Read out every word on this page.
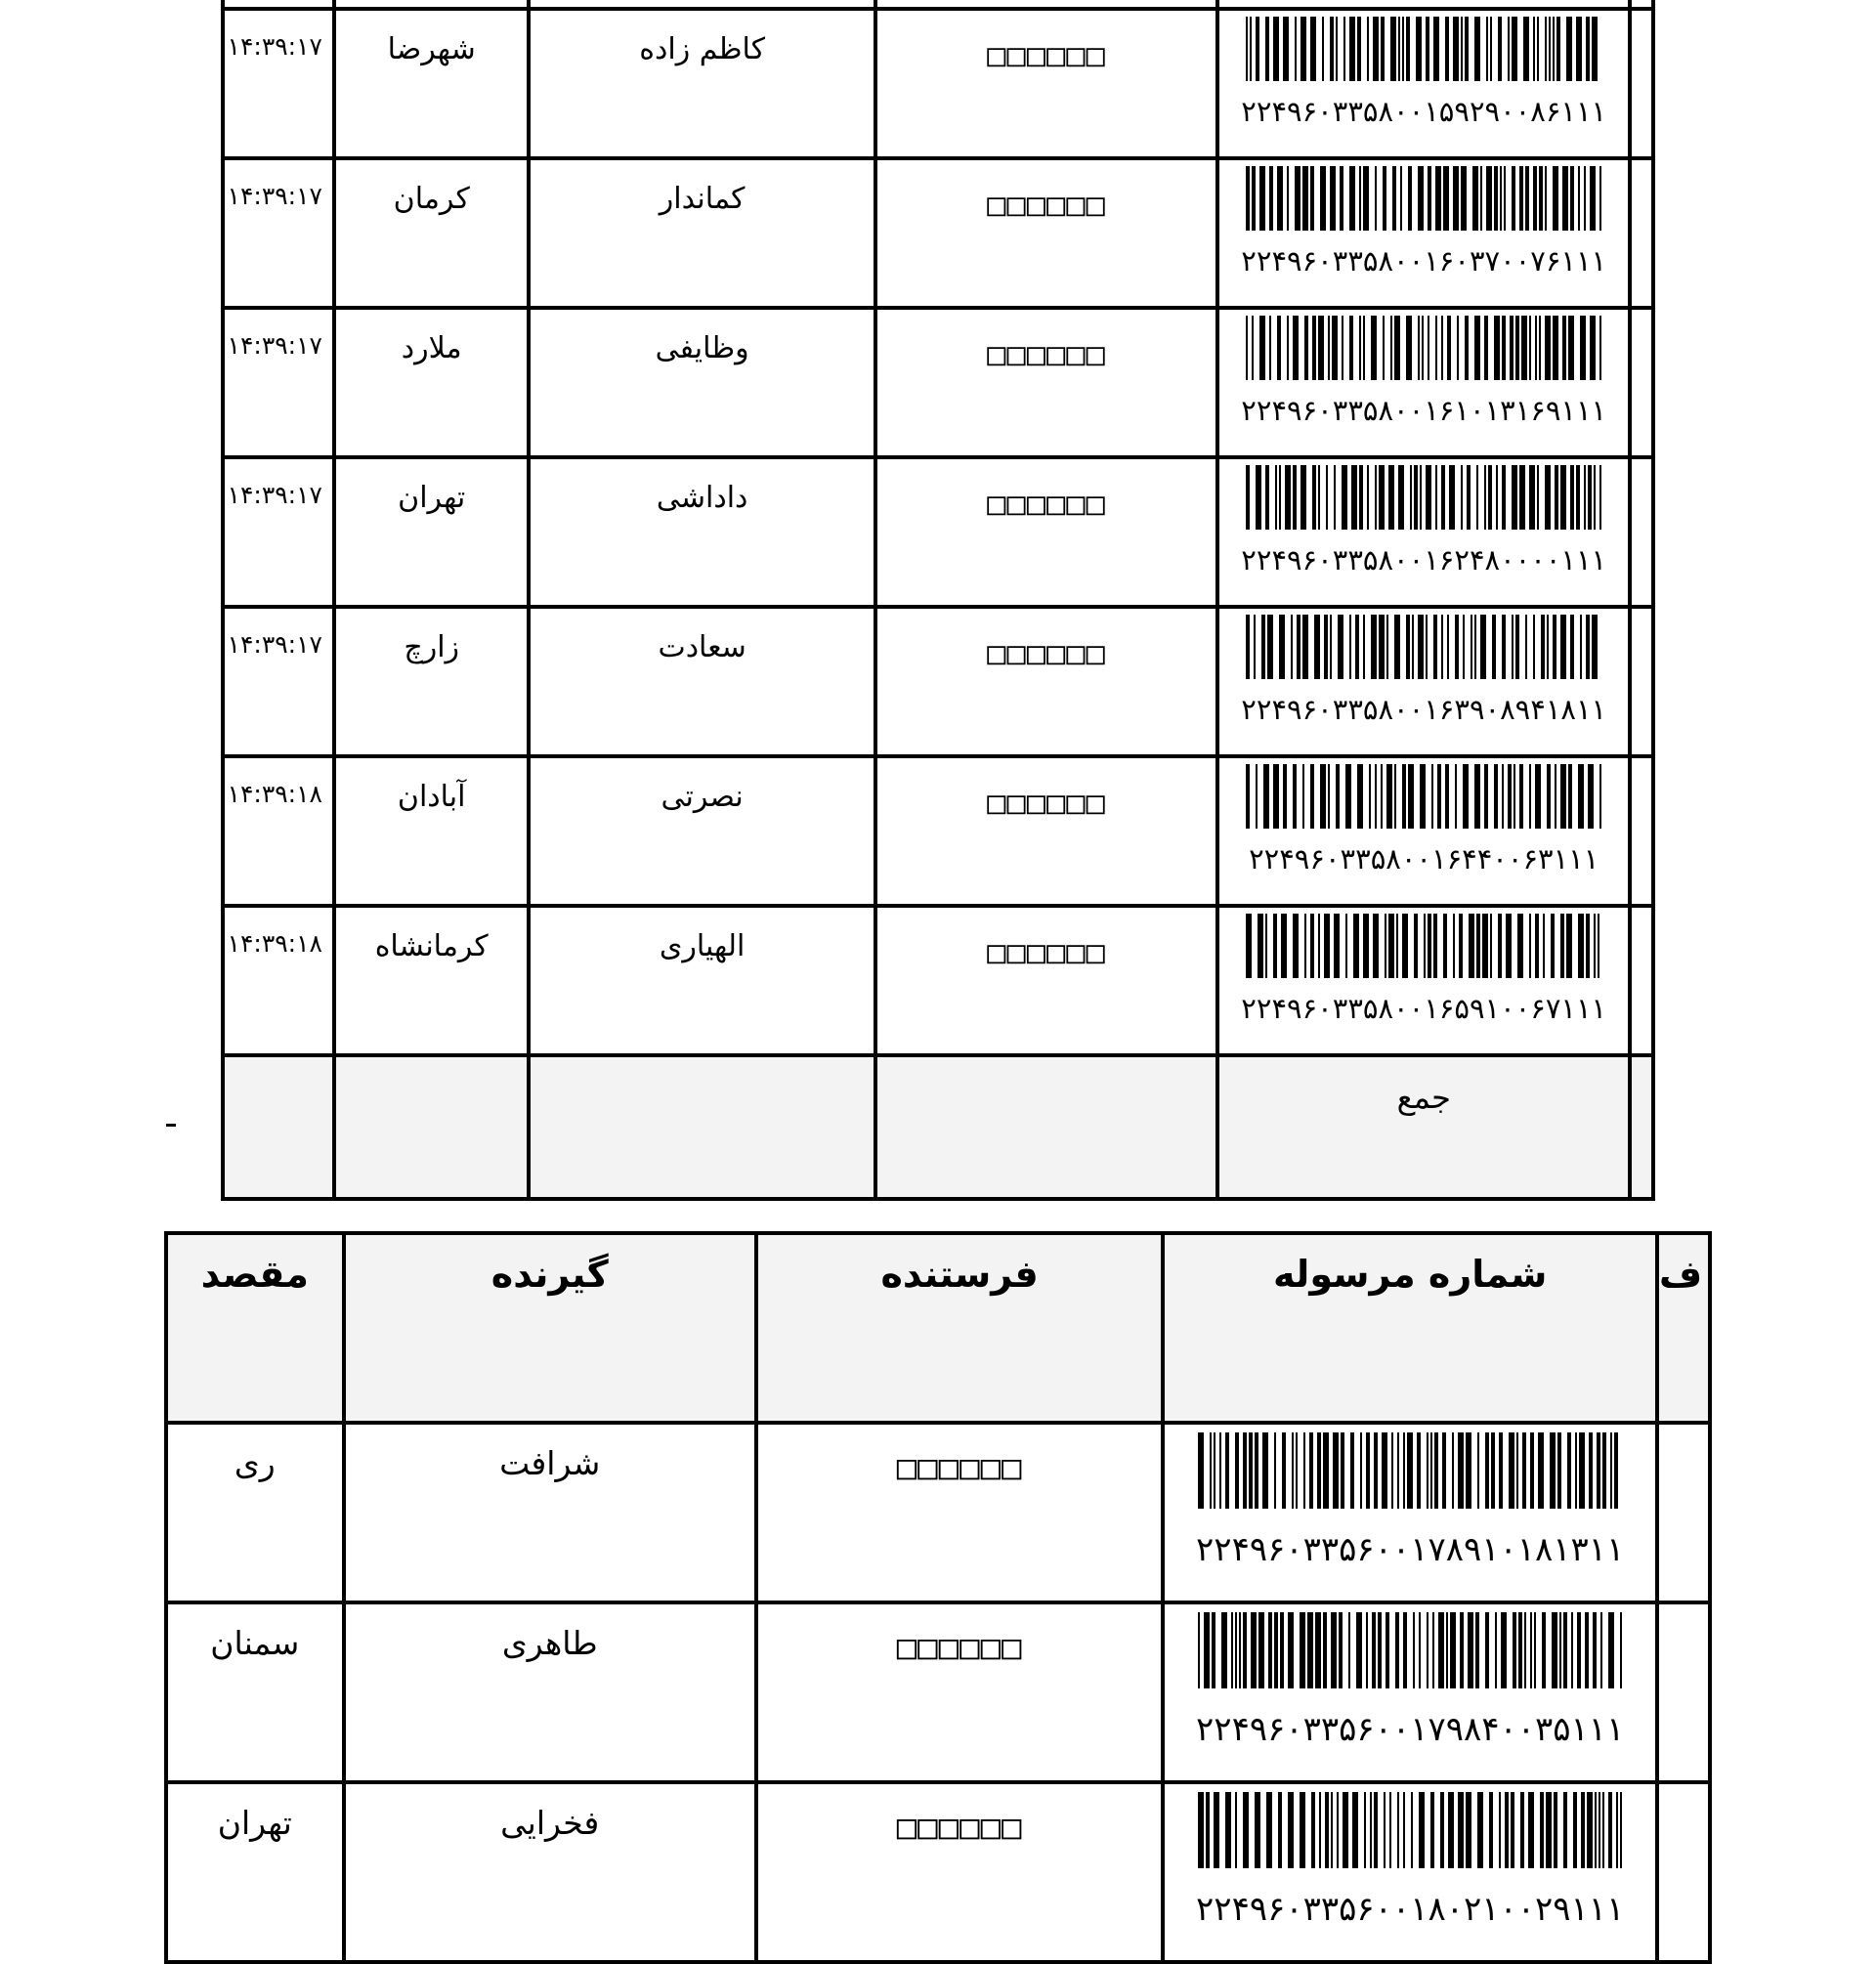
۱۴:۳۹:۱۷	شهرضا	کاظم زاده	□□□□□□	۲۲۴۹۶۰۳۳۵۸۰۰۱۵۹۲۹۰۰۸۶۱۱۱	

۱۴:۳۹:۱۷	کرمان	کماندار	□□□□□□	۲۲۴۹۶۰۳۳۵۸۰۰۱۶۰۳۷۰۰۷۶۱۱۱	

۱۴:۳۹:۱۷	ملارد	وظایفی	□□□□□□	۲۲۴۹۶۰۳۳۵۸۰۰۱۶۱۰۱۳۱۶۹۱۱۱	

۱۴:۳۹:۱۷	تهران	داداشی	□□□□□□	۲۲۴۹۶۰۳۳۵۸۰۰۱۶۲۴۸۰۰۰۰۱۱۱	

۱۴:۳۹:۱۷	زارچ	سعادت	□□□□□□	۲۲۴۹۶۰۳۳۵۸۰۰۱۶۳۹۰۸۹۴۱۸۱۱	

۱۴:۳۹:۱۸	آبادان	نصرتی	□□□□□□	۲۲۴۹۶۰۳۳۵۸۰۰۱۶۴۴۰۰۶۳۱۱۱	

۱۴:۳۹:۱۸	کرمانشاه	الهیاری	□□□□□□	۲۲۴۹۶۰۳۳۵۸۰۰۱۶۵۹۱۰۰۶۷۱۱۱	

				جمع	

مقصد	گیرنده	فرستنده	شماره مرسوله	ف

ری	شرافت	□□□□□□	۲۲۴۹۶۰۳۳۵۶۰۰۱۷۸۹۱۰۱۸۱۳۱۱	

سمنان	طاهری	□□□□□□	۲۲۴۹۶۰۳۳۵۶۰۰۱۷۹۸۴۰۰۳۵۱۱۱	

تهران	فخرایی	□□□□□□	۲۲۴۹۶۰۳۳۵۶۰۰۱۸۰۲۱۰۰۲۹۱۱۱	
